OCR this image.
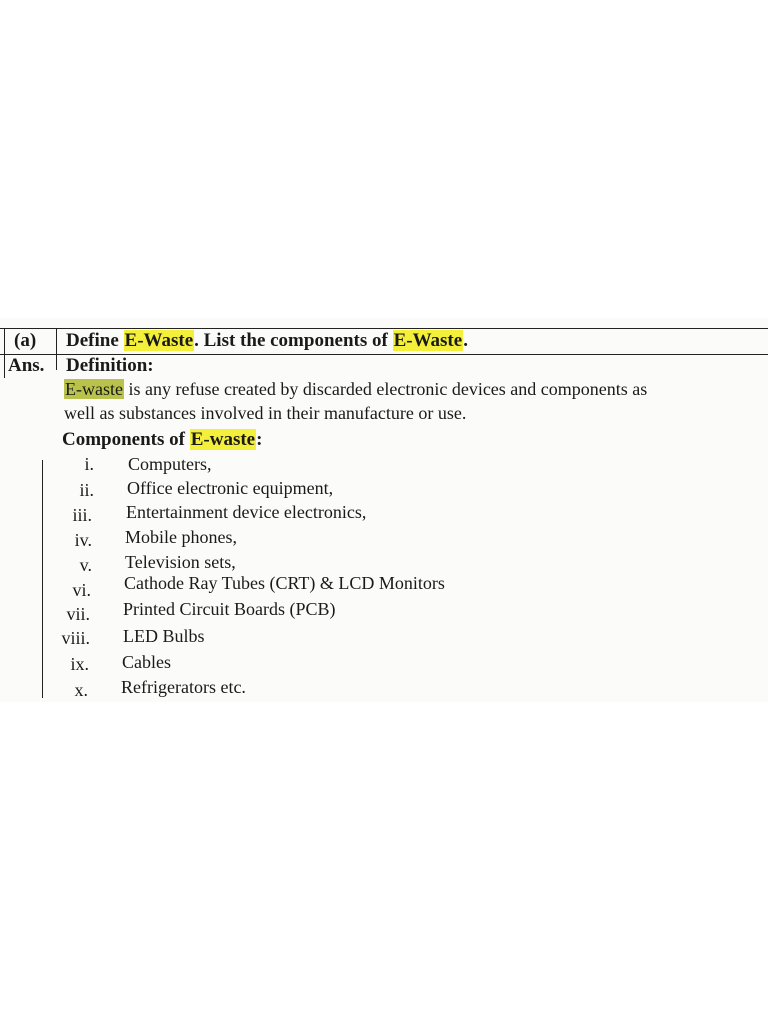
(a) Define E-Waste. List the components of E-Waste.
Ans. Definition:
E-waste is any refuse created by discarded electronic devices and components as
well as substances involved in their manufacture or use.
Components of E-waste:
i. Computers,
ii. Office electronic equipment,
iii. Entertainment device electronics,
iv. Mobile phones,
v. Television sets,
vi. Cathode Ray Tubes (CRT) & LCD Monitors
vii. Printed Circuit Boards (PCB)
viii. LED Bulbs
ix. Cables
x. Refrigerators etc.
